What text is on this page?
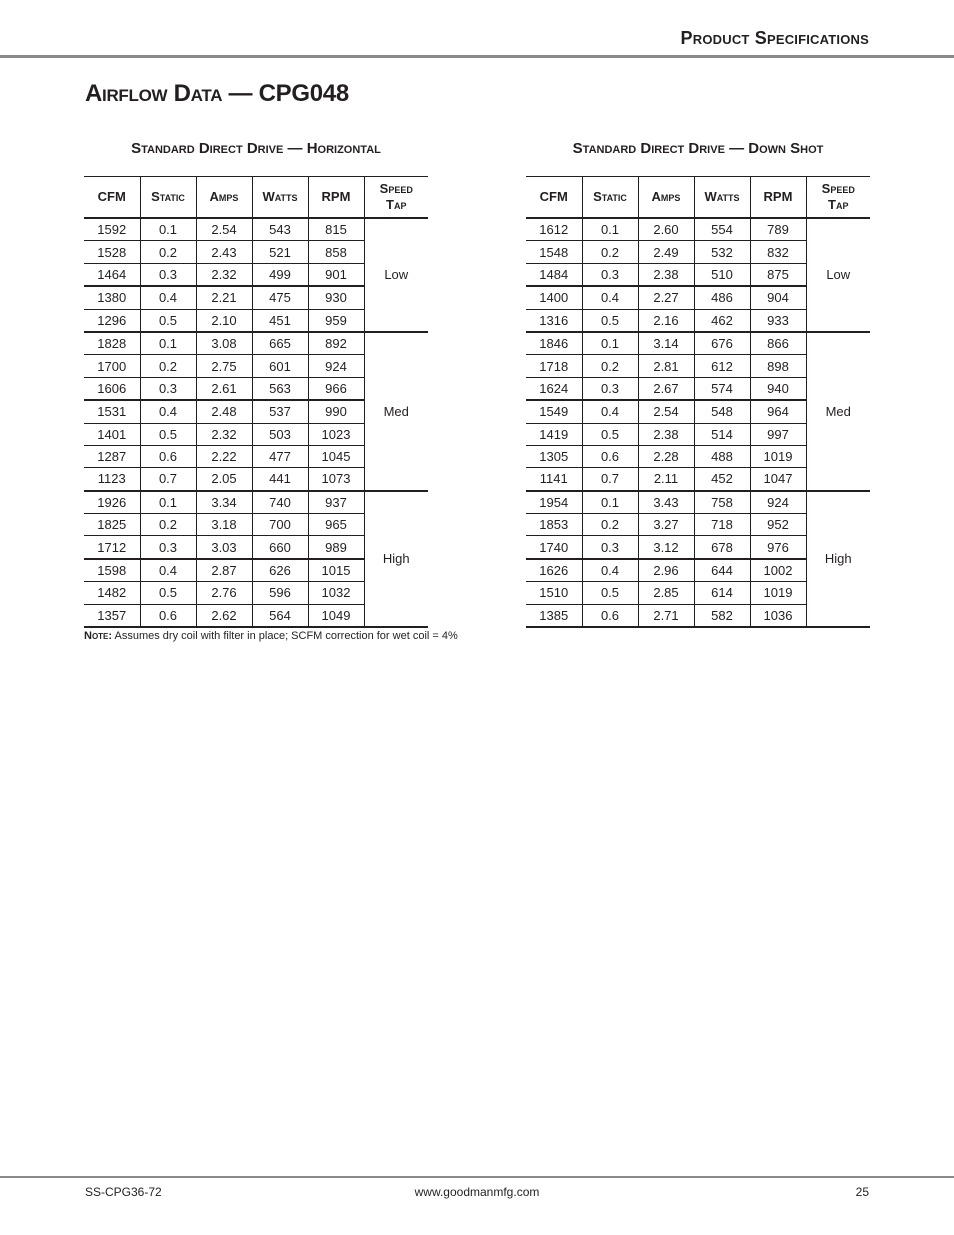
Product Specifications
Airflow Data — CPG048
Standard Direct Drive — Horizontal
CFM	Static	Amps	Watts	RPM	Speed
Tap
1592	0.1	2.54	543	815	Low
1528	0.2	2.43	521	858	
1464	0.3	2.32	499	901	
1380	0.4	2.21	475	930	
1296	0.5	2.10	451	959	
1828	0.1	3.08	665	892	Med
1700	0.2	2.75	601	924	
1606	0.3	2.61	563	966	
1531	0.4	2.48	537	990	
1401	0.5	2.32	503	1023	
1287	0.6	2.22	477	1045	
1123	0.7	2.05	441	1073	
1926	0.1	3.34	740	937	High
1825	0.2	3.18	700	965	
1712	0.3	3.03	660	989	
1598	0.4	2.87	626	1015	
1482	0.5	2.76	596	1032	
1357	0.6	2.62	564	1049	
Standard Direct Drive — Down Shot
CFM	Static	Amps	Watts	RPM	Speed
Tap
1612	0.1	2.60	554	789	Low
1548	0.2	2.49	532	832	
1484	0.3	2.38	510	875	
1400	0.4	2.27	486	904	
1316	0.5	2.16	462	933	
1846	0.1	3.14	676	866	Med
1718	0.2	2.81	612	898	
1624	0.3	2.67	574	940	
1549	0.4	2.54	548	964	
1419	0.5	2.38	514	997	
1305	0.6	2.28	488	1019	
1141	0.7	2.11	452	1047	
1954	0.1	3.43	758	924	High
1853	0.2	3.27	718	952	
1740	0.3	3.12	678	976	
1626	0.4	2.96	644	1002	
1510	0.5	2.85	614	1019	
1385	0.6	2.71	582	1036	
Note: Assumes dry coil with filter in place; SCFM correction for wet coil = 4%
SS-CPG36-72	www.goodmanmfg.com	25
